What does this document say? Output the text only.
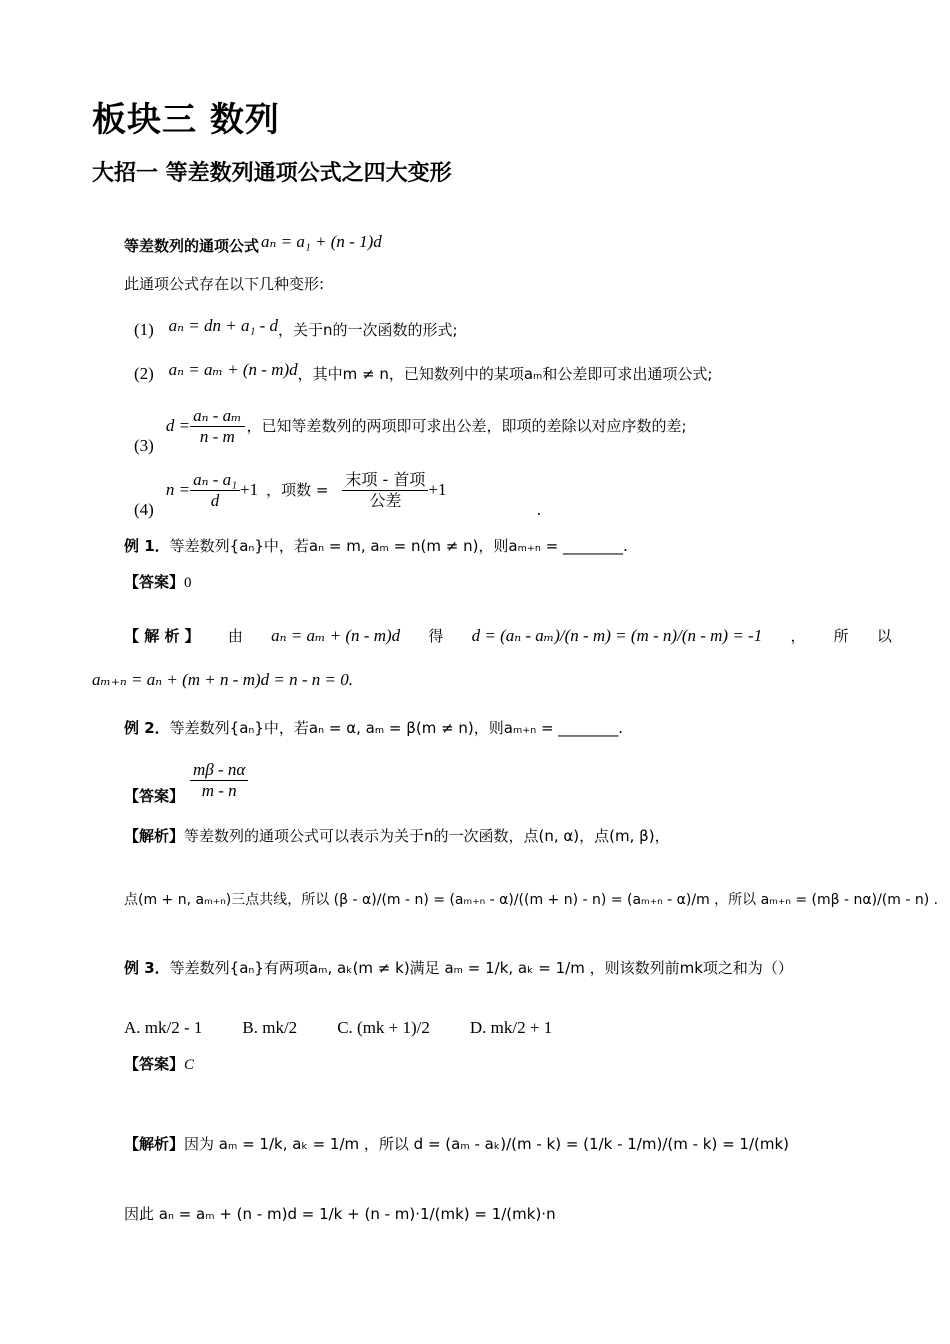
板块三 数列
大招一 等差数列通项公式之四大变形
等差数列的通项公式 aₙ = a₁ + (n - 1)d
此通项公式存在以下几种变形:
(1) aₙ = dn + a₁ - d，关于n的一次函数的形式;
(2) aₙ = aₘ + (n - m)d，其中m ≠ n，已知数列中的某项aₘ和公差即可求出通项公式;
(3)
$d = \frac{\text{aₙ - aₘ}}{n - m}$ ，已知等差数列的两项即可求出公差，即项的差除以对应序数的差;
(4)
$n = \frac{\text{aₙ - a₁}}{d} +1$ ，项数 = $\frac{\text{末项 - 首项}}{\text{公差}} +1$
.
例 1．等差数列{aₙ}中，若aₙ = m, aₘ = n(m ≠ n)，则aₘ₊ₙ = ________.
【答案】0
【 解 析 】 由 aₙ = aₘ + (n - m)d 得 d = (aₙ - aₘ)/(n - m) = (m - n)/(n - m) = -1 ， 所 以
aₘ₊ₙ = aₙ + (m + n - m)d = n - n = 0.
例 2．等差数列{aₙ}中，若aₙ = α, aₘ = β(m ≠ n)，则aₘ₊ₙ = ________.
【答案】 $\frac{m\beta - n\alpha}{m - n}$
【解析】等差数列的通项公式可以表示为关于n的一次函数，点(n, α)，点(m, β)，
点(m + n, aₘ₊ₙ)三点共线，所以 (β - α)/(m - n) = (aₘ₊ₙ - α)/((m + n) - n) = (aₘ₊ₙ - α)/m ，所以 aₘ₊ₙ = (mβ - nα)/(m - n) .
例 3．等差数列{aₙ}有两项aₘ, aₖ(m ≠ k)满足 aₘ = 1/k, aₖ = 1/m ，则该数列前mk项之和为（）
A. mk/2 - 1 B. mk/2 C. (mk + 1)/2 D. mk/2 + 1
【答案】C
【解析】因为 aₘ = 1/k, aₖ = 1/m ，所以 d = (aₘ - aₖ)/(m - k) = (1/k - 1/m)/(m - k) = 1/(mk)
因此 aₙ = aₘ + (n - m)d = 1/k + (n - m)·1/(mk) = 1/(mk)·n
